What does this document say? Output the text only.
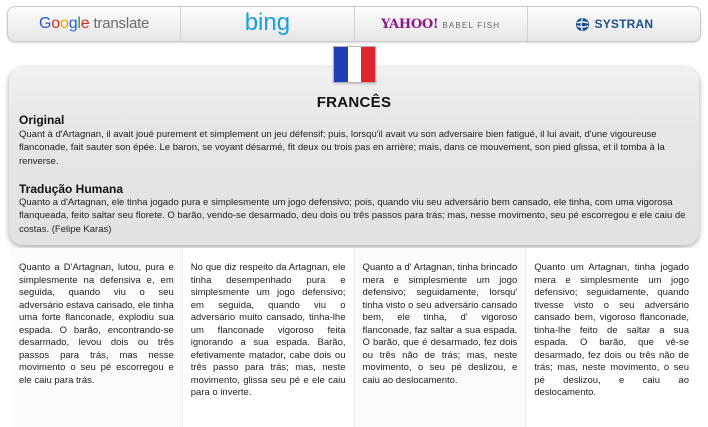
Google translate	bing	YAHOO! BABEL FISH	SYSTRAN
FRANCÊS
Original
Quant à d'Artagnan, il avait joué purement et simplement un jeu défensif; puis, lorsqu'il avait vu son adversaire bien fatigué, il lui avait, d'une vigoureuse flanconade, fait sauter son épée. Le baron, se voyant désarmé, fit deux ou trois pas en arrière; mais, dans ce mouvement, son pied glissa, et il tomba à la renverse.
Tradução Humana
Quanto a d'Artagnan, ele tinha jogado pura e simplesmente um jogo defensivo; pois, quando viu seu adversário bem cansado, ele tinha, com uma vigorosa flanqueada, feito saltar seu florete. O barão, vendo-se desarmado, deu dois ou três passos para trás; mas, nesse movimento, seu pé escorregou e ele caiu de costas. (Felipe Karas)
Quanto a D'Artagnan, lutou, pura e simplesmente na defensiva e, em seguida, quando viu o seu adversário estava cansado, ele tinha uma forte flanconade, explodiu sua espada. O barão, encontrando-se desarmado, levou dois ou três passos para trás, mas nesse movimento o seu pé escorregou e ele caiu para trás.
No que diz respeito da Artagnan, ele tinha desempenhado pura e simplesmente um jogo defensivo; em seguida, quando viu o adversário muito cansado, tinha-lhe um flanconade vigoroso feita ignorando a sua espada. Barão, efetivamente matador, cabe dois ou três passo para trás; mas, neste movimento, glissa seu pé e ele caiu para o inverte.
Quanto a d' Artagnan, tinha brincado mera e simplesmente um jogo defensivo; seguidamente, lorsqu' tinha visto o seu adversário cansado bem, ele tinha, d' vigoroso flanconade, faz saltar a sua espada. O barão, que é desarmado, fez dois ou três não de trás; mas, neste movimento, o seu pé deslizou, e caiu ao deslocamento.
Quanto um Artagnan, tinha jogado mera e simplesmente um jogo defensivo; seguidamente, quando tivesse visto o seu adversário cansado bem, vigoroso flanconade, tinha-lhe feito de saltar a sua espada. O barão, que vê-se desarmado, fez dois ou três não de trás; mas, neste movimento, o seu pé deslizou, e caiu ao deslocamento.
